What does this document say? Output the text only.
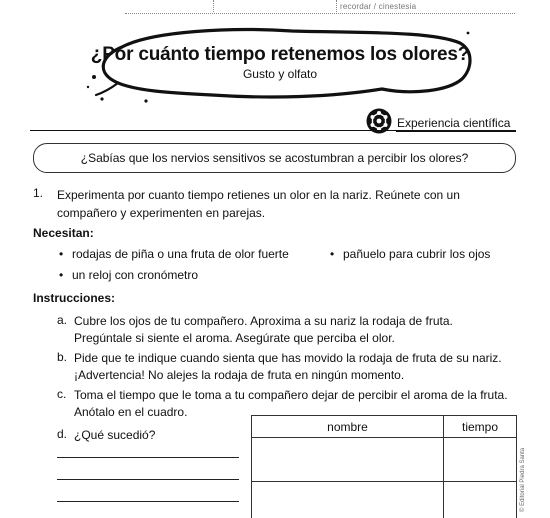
recordar / cinestesia
¿Por cuánto tiempo retenemos los olores?
Gusto y olfato
Experiencia científica
¿Sabías que los nervios sensitivos se acostumbran a percibir los olores?
1. Experimenta por cuanto tiempo retienes un olor en la nariz. Reúnete con un compañero y experimenten en parejas.
Necesitan:
• rodajas de piña o una fruta de olor fuerte	• pañuelo para cubrir los ojos
• un reloj con cronómetro
Instrucciones:
a. Cubre los ojos de tu compañero. Aproxima a su nariz la rodaja de fruta. Pregúntale si siente el aroma. Asegúrate que perciba el olor.
b. Pide que te indique cuando sienta que has movido la rodaja de fruta de su nariz. ¡Advertencia! No alejes la rodaja de fruta en ningún momento.
c. Toma el tiempo que le toma a tu compañero dejar de percibir el aroma de la fruta. Anótalo en el cuadro.
d. ¿Qué sucedió?
nombre	tiempo

© Editorial Piedra Santa
